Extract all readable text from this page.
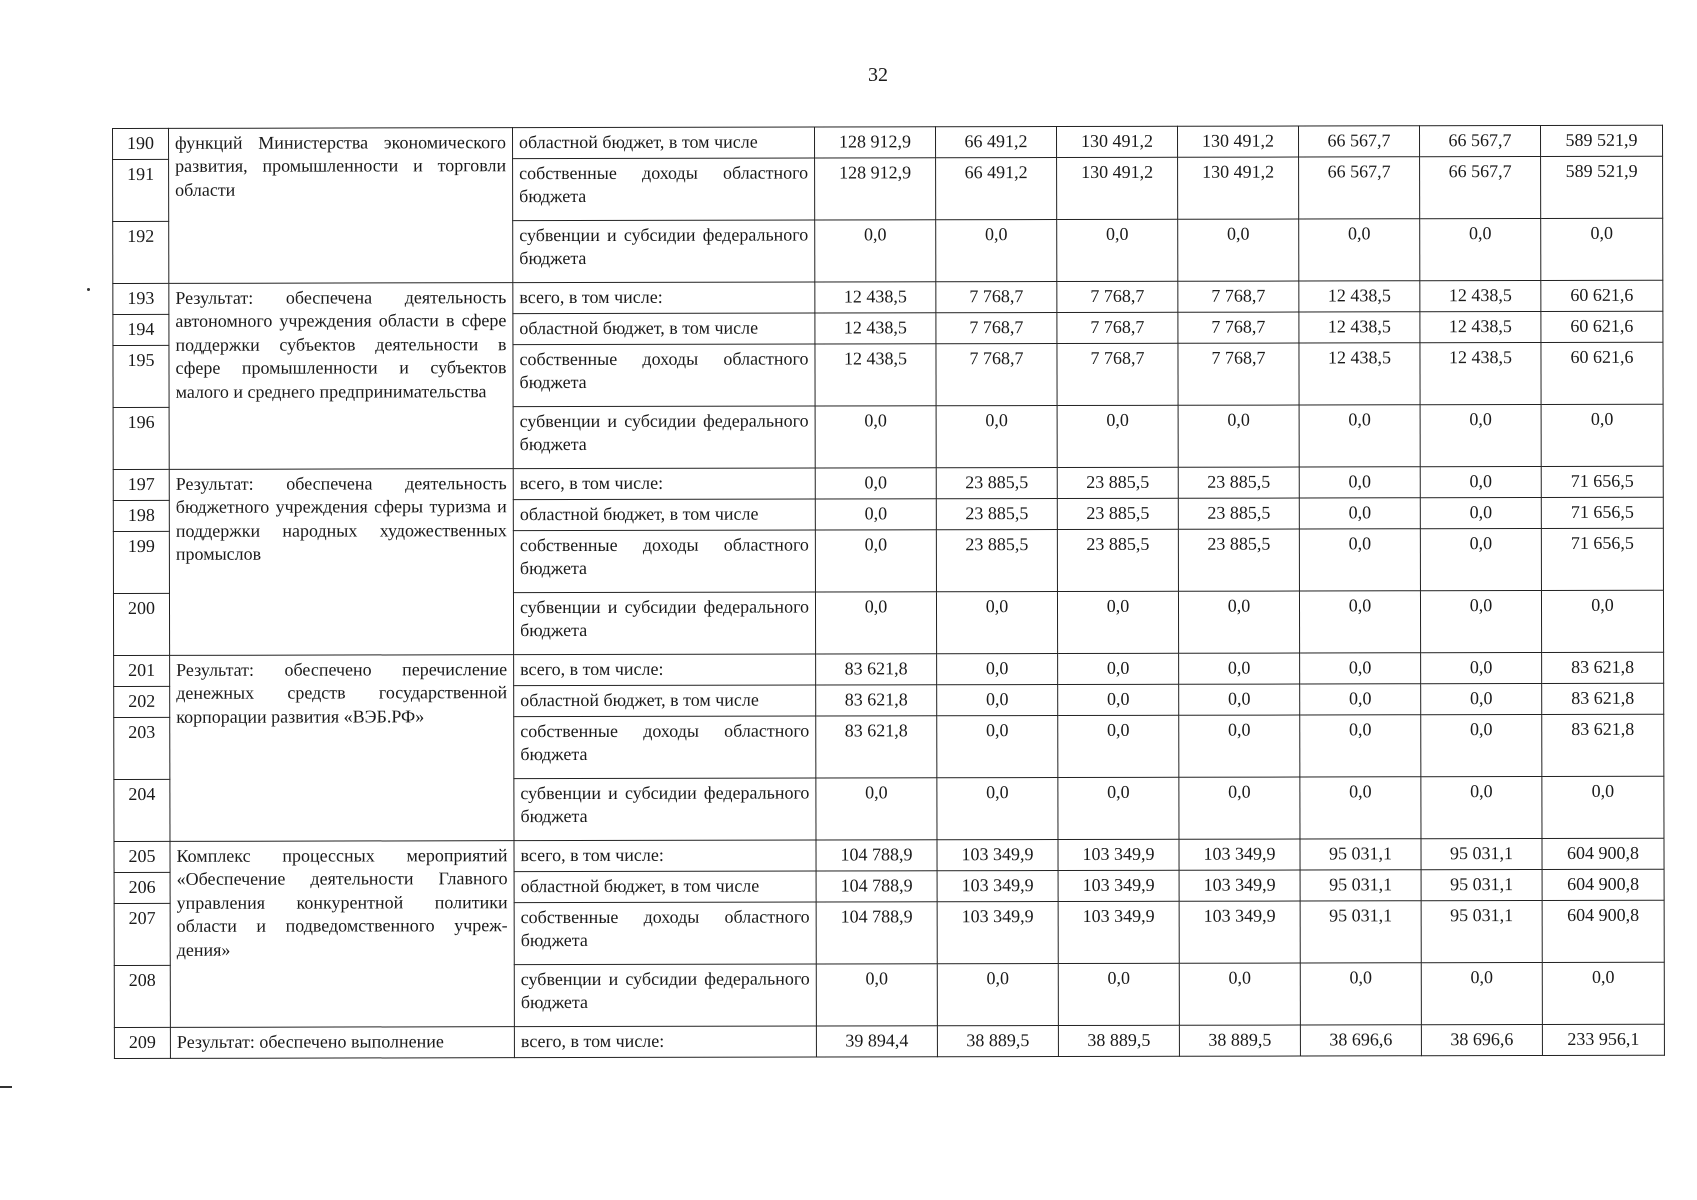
32
190	функций Министерства экономического развития, промышленности и торговли области	областной бюджет, в том числе	128 912,9	66 491,2	130 491,2	130 491,2	66 567,7	66 567,7	589 521,9
191		собственные доходы областного бюджета	128 912,9	66 491,2	130 491,2	130 491,2	66 567,7	66 567,7	589 521,9
192		субвенции и субсидии федерального бюджета	0,0	0,0	0,0	0,0	0,0	0,0	0,0
193	Результат: обеспечена деятельность автономного учреждения области в сфере поддержки субъектов деятельности в сфере промышленности и субъектов малого и среднего предпринимательства	всего, в том числе:	12 438,5	7 768,7	7 768,7	7 768,7	12 438,5	12 438,5	60 621,6
194		областной бюджет, в том числе	12 438,5	7 768,7	7 768,7	7 768,7	12 438,5	12 438,5	60 621,6
195		собственные доходы областного бюджета	12 438,5	7 768,7	7 768,7	7 768,7	12 438,5	12 438,5	60 621,6
196		субвенции и субсидии федерального бюджета	0,0	0,0	0,0	0,0	0,0	0,0	0,0
197	Результат: обеспечена деятельность бюджетного учреждения сферы туризма и поддержки народных художественных промыслов	всего, в том числе:	0,0	23 885,5	23 885,5	23 885,5	0,0	0,0	71 656,5
198		областной бюджет, в том числе	0,0	23 885,5	23 885,5	23 885,5	0,0	0,0	71 656,5
199		собственные доходы областного бюджета	0,0	23 885,5	23 885,5	23 885,5	0,0	0,0	71 656,5
200		субвенции и субсидии федерального бюджета	0,0	0,0	0,0	0,0	0,0	0,0	0,0
201	Результат: обеспечено перечисление денежных средств государственной корпорации развития «ВЭБ.РФ»	всего, в том числе:	83 621,8	0,0	0,0	0,0	0,0	0,0	83 621,8
202		областной бюджет, в том числе	83 621,8	0,0	0,0	0,0	0,0	0,0	83 621,8
203		собственные доходы областного бюджета	83 621,8	0,0	0,0	0,0	0,0	0,0	83 621,8
204		субвенции и субсидии федерального бюджета	0,0	0,0	0,0	0,0	0,0	0,0	0,0
205	Комплекс процессных мероприятий «Обеспечение деятельности Главного управления конкурентной политики области и подведомственного учреждения»	всего, в том числе:	104 788,9	103 349,9	103 349,9	103 349,9	95 031,1	95 031,1	604 900,8
206		областной бюджет, в том числе	104 788,9	103 349,9	103 349,9	103 349,9	95 031,1	95 031,1	604 900,8
207		собственные доходы областного бюджета	104 788,9	103 349,9	103 349,9	103 349,9	95 031,1	95 031,1	604 900,8
208		субвенции и субсидии федерального бюджета	0,0	0,0	0,0	0,0	0,0	0,0	0,0
209	Результат: обеспечено выполнение	всего, в том числе:	39 894,4	38 889,5	38 889,5	38 889,5	38 696,6	38 696,6	233 956,1
